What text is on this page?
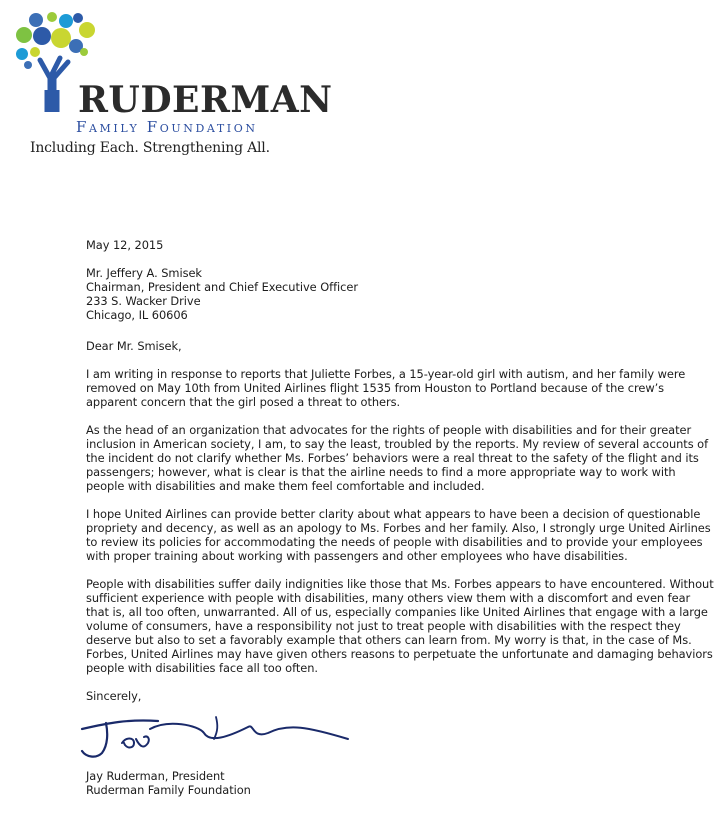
RUDERMAN
Family Foundation
Including Each. Strengthening All.

May 12, 2015

Mr. Jeffery A. Smisek

Chairman, President and Chief Executive Officer

233 S. Wacker Drive

Chicago, IL 60606

Dear Mr. Smisek,

I am writing in response to reports that Juliette Forbes, a 15-year-old girl with autism, and her family were removed on May 10th from United Airlines flight 1535 from Houston to Portland because of the crew’s apparent concern that the girl posed a threat to others.

As the head of an organization that advocates for the rights of people with disabilities and for their greater inclusion in American society, I am, to say the least, troubled by the reports. My review of several accounts of the incident do not clarify whether Ms. Forbes’ behaviors were a real threat to the safety of the flight and its passengers; however, what is clear is that the airline needs to find a more appropriate way to work with people with disabilities and make them feel comfortable and included.

I hope United Airlines can provide better clarity about what appears to have been a decision of questionable propriety and decency, as well as an apology to Ms. Forbes and her family. Also, I strongly urge United Airlines to review its policies for accommodating the needs of people with disabilities and to provide your employees with proper training about working with passengers and other employees who have disabilities.

People with disabilities suffer daily indignities like those that Ms. Forbes appears to have encountered. Without sufficient experience with people with disabilities, many others view them with a discomfort and even fear that is, all too often, unwarranted. All of us, especially companies like United Airlines that engage with a large volume of consumers, have a responsibility not just to treat people with disabilities with the respect they deserve but also to set a favorably example that others can learn from. My worry is that, in the case of Ms. Forbes, United Airlines may have given others reasons to perpetuate the unfortunate and damaging behaviors people with disabilities face all too often.

Sincerely,

Jay Ruderman, President

Ruderman Family Foundation
